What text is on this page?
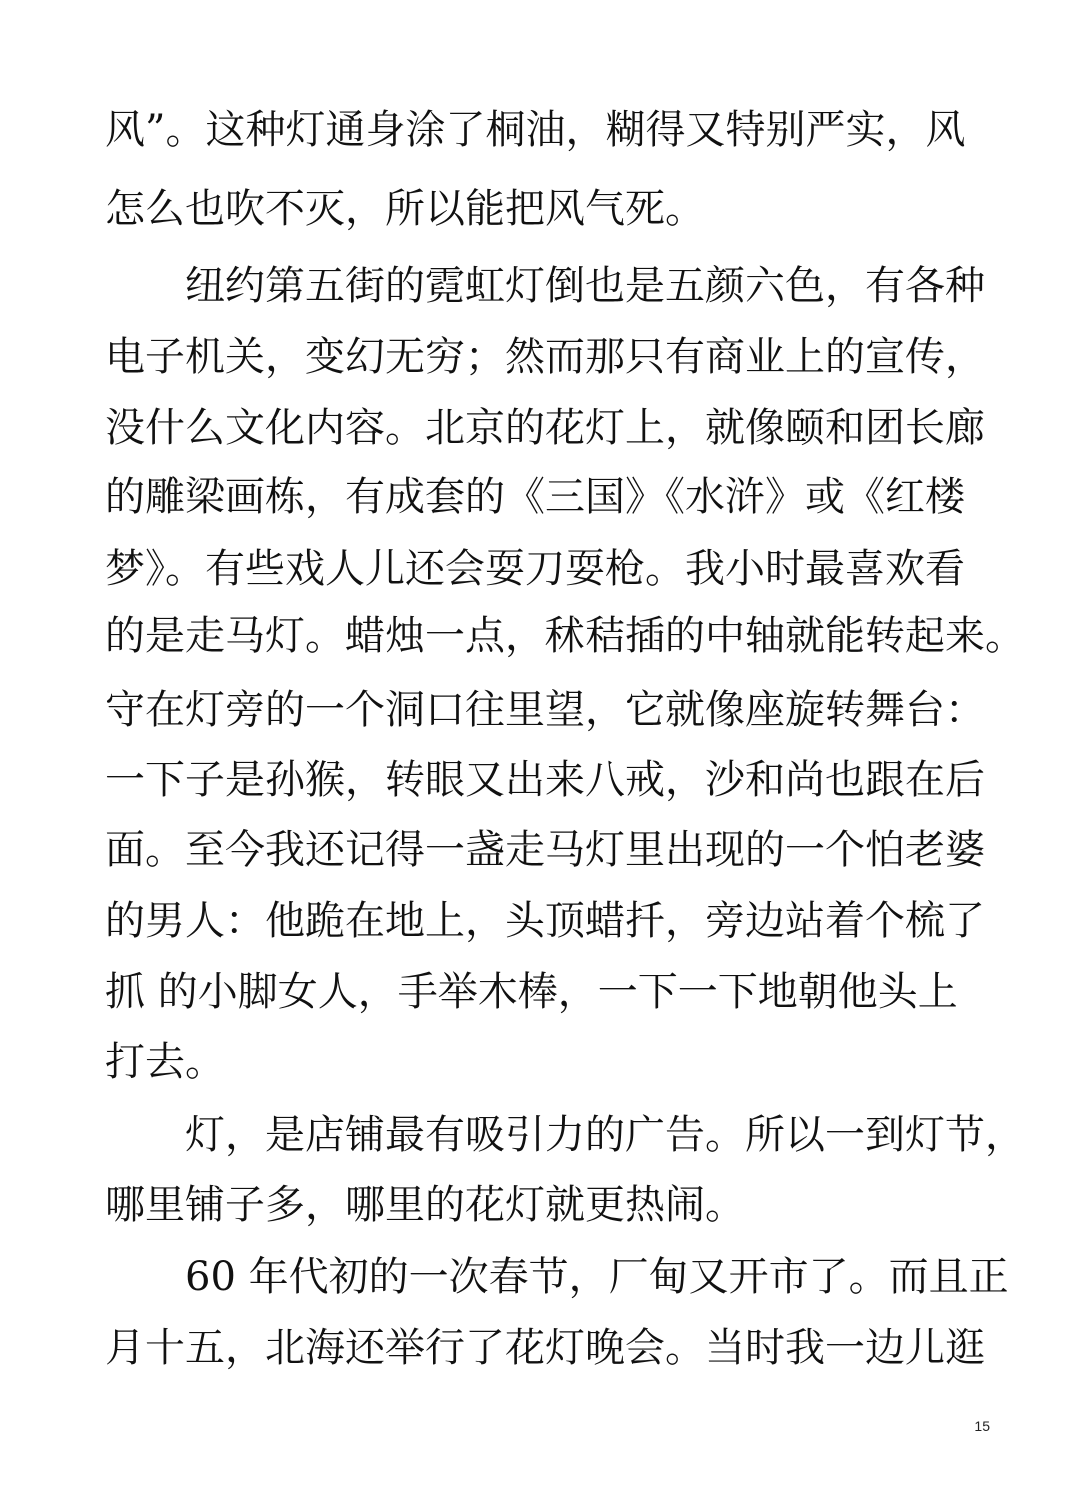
风”。这种灯通身涂了桐油，糊得又特别严实，风
怎么也吹不灭，所以能把风气死。
纽约第五街的霓虹灯倒也是五颜六色，有各种
电子机关，变幻无穷；然而那只有商业上的宣传，
没什么文化内容。北京的花灯上，就像颐和团长廊
的雕梁画栋，有成套的《三国》《水浒》或《红楼
梦》。有些戏人儿还会耍刀耍枪。我小时最喜欢看
的是走马灯。蜡烛一点，秫秸插的中轴就能转起来。
守在灯旁的一个洞口往里望，它就像座旋转舞台：
一下子是孙猴，转眼又出来八戒，沙和尚也跟在后
面。至今我还记得一盏走马灯里出现的一个怕老婆
的男人：他跪在地上，头顶蜡扦，旁边站着个梳了
抓 的小脚女人，手举木棒，一下一下地朝他头上
打去。
灯，是店铺最有吸引力的广告。所以一到灯节，
哪里铺子多，哪里的花灯就更热闹。
60 年代初的一次春节，厂甸又开市了。而且正
月十五，北海还举行了花灯晚会。当时我一边儿逛
15
